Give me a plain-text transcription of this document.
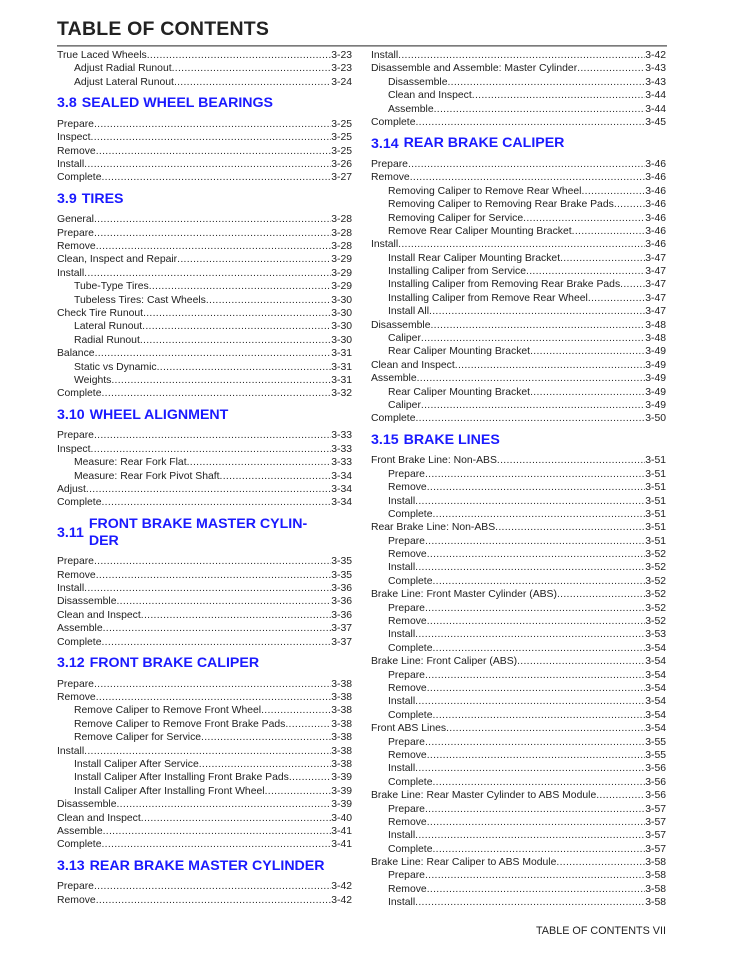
TABLE OF CONTENTS
True Laced Wheels .....	3-23
Adjust Radial Runout .....	3-23
Adjust Lateral Runout .....	3-24
3.8 SEALED WHEEL BEARINGS
Prepare .....	3-25
Inspect .....	3-25
Remove .....	3-25
Install .....	3-26
Complete .....	3-27
3.9 TIRES
General .....	3-28
Prepare .....	3-28
Remove .....	3-28
Clean, Inspect and Repair .....	3-29
Install .....	3-29
Tube-Type Tires .....	3-29
Tubeless Tires: Cast Wheels .....	3-30
Check Tire Runout .....	3-30
Lateral Runout .....	3-30
Radial Runout .....	3-30
Balance .....	3-31
Static vs Dynamic .....	3-31
Weights .....	3-31
Complete .....	3-32
3.10 WHEEL ALIGNMENT
Prepare .....	3-33
Inspect .....	3-33
Measure: Rear Fork Flat .....	3-33
Measure: Rear Fork Pivot Shaft .....	3-34
Adjust .....	3-34
Complete .....	3-34
3.11
FRONT BRAKE MASTER CYLIN-
DER
Prepare .....	3-35
Remove .....	3-35
Install .....	3-36
Disassemble .....	3-36
Clean and Inspect .....	3-36
Assemble .....	3-37
Complete .....	3-37
3.12 FRONT BRAKE CALIPER
Prepare .....	3-38
Remove .....	3-38
Remove Caliper to Remove Front Wheel .....	3-38
Remove Caliper to Remove Front Brake Pads .....	3-38
Remove Caliper for Service .....	3-38
Install .....	3-38
Install Caliper After Service .....	3-38
Install Caliper After Installing Front Brake Pads .....	3-39
Install Caliper After Installing Front Wheel .....	3-39
Disassemble .....	3-39
Clean and Inspect .....	3-40
Assemble .....	3-41
Complete .....	3-41
3.13 REAR BRAKE MASTER CYLINDER
Prepare .....	3-42
Remove .....	3-42
Install .....	3-42
Disassemble and Assemble: Master Cylinder .....	3-43
Disassemble .....	3-43
Clean and Inspect .....	3-44
Assemble .....	3-44
Complete .....	3-45
3.14 REAR BRAKE CALIPER
Prepare .....	3-46
Remove .....	3-46
Removing Caliper to Remove Rear Wheel .....	3-46
Removing Caliper to Removing Rear Brake Pads .....	3-46
Removing Caliper for Service .....	3-46
Remove Rear Caliper Mounting Bracket .....	3-46
Install .....	3-46
Install Rear Caliper Mounting Bracket .....	3-47
Installing Caliper from Service .....	3-47
Installing Caliper from Removing Rear Brake Pads ..... 3-47
Installing Caliper from Remove Rear Wheel .....	3-47
Install All .....	3-47
Disassemble .....	3-48
Caliper .....	3-48
Rear Caliper Mounting Bracket .....	3-49
Clean and Inspect .....	3-49
Assemble .....	3-49
Rear Caliper Mounting Bracket .....	3-49
Caliper .....	3-49
Complete .....	3-50
3.15 BRAKE LINES
Front Brake Line: Non-ABS .....	3-51
Prepare .....	3-51
Remove .....	3-51
Install .....	3-51
Complete .....	3-51
Rear Brake Line: Non-ABS .....	3-51
Prepare .....	3-51
Remove .....	3-52
Install .....	3-52
Complete .....	3-52
Brake Line: Front Master Cylinder (ABS) .....	3-52
Prepare .....	3-52
Remove .....	3-52
Install .....	3-53
Complete .....	3-54
Brake Line: Front Caliper (ABS) .....	3-54
Prepare .....	3-54
Remove .....	3-54
Install .....	3-54
Complete .....	3-54
Front ABS Lines .....	3-54
Prepare .....	3-55
Remove .....	3-55
Install .....	3-56
Complete .....	3-56
Brake Line: Rear Master Cylinder to ABS Module .....	3-56
Prepare .....	3-57
Remove .....	3-57
Install .....	3-57
Complete .....	3-57
Brake Line: Rear Caliper to ABS Module .....	3-58
Prepare .....	3-58
Remove .....	3-58
Install .....	3-58
TABLE OF CONTENTS VII
